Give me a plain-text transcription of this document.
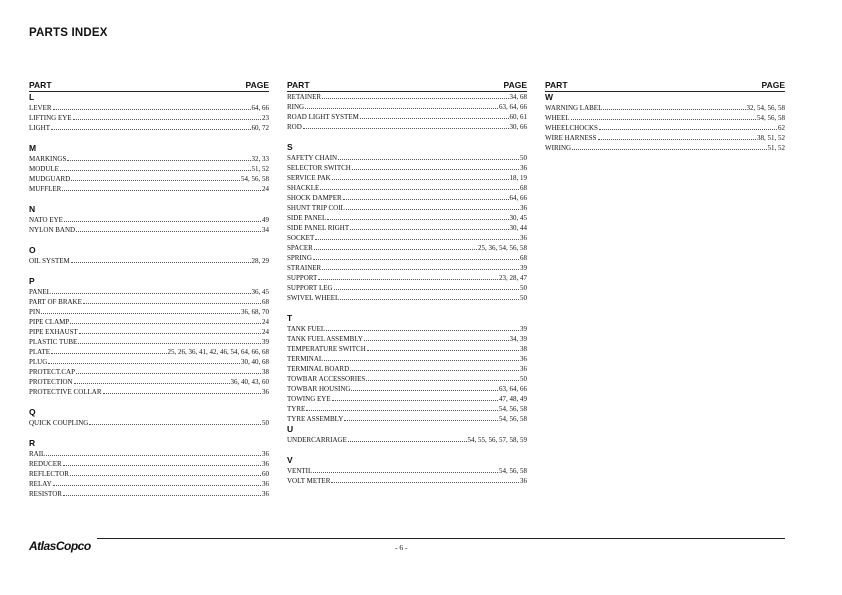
PARTS INDEX
PART	PAGE
L
LEVER	64, 66
LIFTING EYE	23
LIGHT	60, 72
M
MARKINGS	32, 33
MODULE	51, 52
MUDGUARD	54, 56, 58
MUFFLER	24
N
NATO EYE	49
NYLON BAND	34
O
OIL SYSTEM	28, 29
P
PANEL	36, 45
PART OF BRAKE	68
PIN	36, 68, 70
PIPE CLAMP	24
PIPE EXHAUST	24
PLASTIC TUBE	39
PLATE	25, 26, 36, 41, 42, 46, 54, 64, 66, 68
PLUG	30, 40, 68
PROTECT.CAP	38
PROTECTION	36, 40, 43, 60
PROTECTIVE COLLAR	36
Q
QUICK COUPLING	50
R
RAIL	36
REDUCER	36
REFLECTOR	60
RELAY	36
RESISTOR	36
PART	PAGE
RETAINER	34, 68
RING	63, 64, 66
ROAD LIGHT SYSTEM	60, 61
ROD	30, 66
S
SAFETY CHAIN	50
SELECTOR SWITCH	36
SERVICE PAK	18, 19
SHACKLE	68
SHOCK DAMPER	64, 66
SHUNT TRIP COIL	36
SIDE PANEL	30, 45
SIDE PANEL RIGHT	30, 44
SOCKET	36
SPACER	25, 36, 54, 56, 58
SPRING	68
STRAINER	39
SUPPORT	23, 28, 47
SUPPORT LEG	50
SWIVEL WHEEL	50
T
TANK FUEL	39
TANK FUEL ASSEMBLY	34, 39
TEMPERATURE SWITCH	38
TERMINAL	36
TERMINAL BOARD	36
TOWBAR ACCESSORIES	50
TOWBAR HOUSING	63, 64, 66
TOWING EYE	47, 48, 49
TYRE	54, 56, 58
TYRE ASSEMBLY	54, 56, 58
U
UNDERCARRIAGE	54, 55, 56, 57, 58, 59
V
VENTIL	54, 56, 58
VOLT METER	36
PART	PAGE
W
WARNING LABEL	32, 54, 56, 58
WHEEL	54, 56, 58
WHEELCHOCKS	62
WIRE HARNESS	38, 51, 52
WIRING	51, 52
AtlasCopco	- 6 -
